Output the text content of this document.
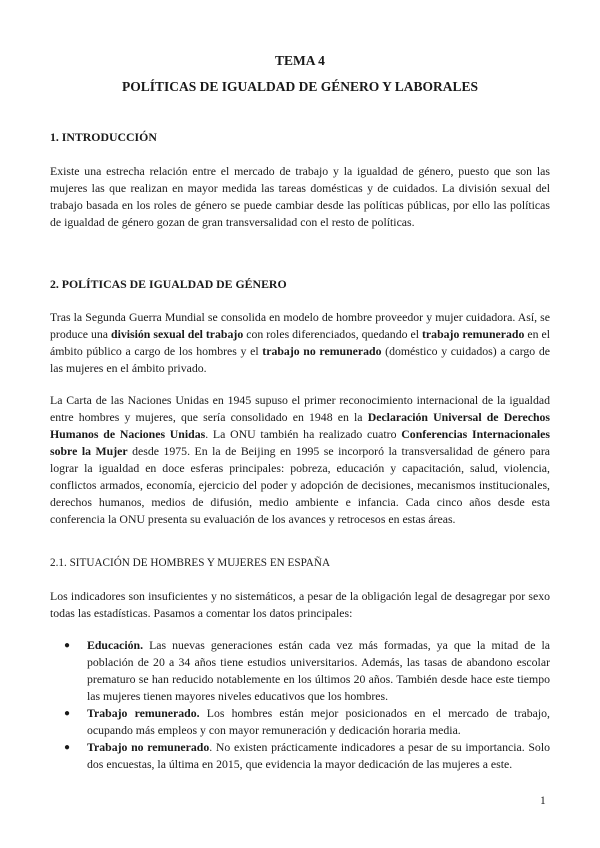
TEMA 4
POLÍTICAS DE IGUALDAD DE GÉNERO Y LABORALES
1. INTRODUCCIÓN

Existe una estrecha relación entre el mercado de trabajo y la igualdad de género, puesto que son las mujeres las que realizan en mayor medida las tareas domésticas y de cuidados. La división sexual del trabajo basada en los roles de género se puede cambiar desde las políticas públicas, por ello las políticas de igualdad de género gozan de gran transversalidad con el resto de políticas.

2. POLÍTICAS DE IGUALDAD DE GÉNERO

Tras la Segunda Guerra Mundial se consolida en modelo de hombre proveedor y mujer cuidadora. Así, se produce una división sexual del trabajo con roles diferenciados, quedando el trabajo remunerado en el ámbito público a cargo de los hombres y el trabajo no remunerado (doméstico y cuidados) a cargo de las mujeres en el ámbito privado.

La Carta de las Naciones Unidas en 1945 supuso el primer reconocimiento internacional de la igualdad entre hombres y mujeres, que sería consolidado en 1948 en la Declaración Universal de Derechos Humanos de Naciones Unidas. La ONU también ha realizado cuatro Conferencias Internacionales sobre la Mujer desde 1975. En la de Beijing en 1995 se incorporó la transversalidad de género para lograr la igualdad en doce esferas principales: pobreza, educación y capacitación, salud, violencia, conflictos armados, economía, ejercicio del poder y adopción de decisiones, mecanismos institucionales, derechos humanos, medios de difusión, medio ambiente e infancia. Cada cinco años desde esta conferencia la ONU presenta su evaluación de los avances y retrocesos en estas áreas.

2.1. SITUACIÓN DE HOMBRES Y MUJERES EN ESPAÑA

Los indicadores son insuficientes y no sistemáticos, a pesar de la obligación legal de desagregar por sexo todas las estadísticas. Pasamos a comentar los datos principales:

● Educación. Las nuevas generaciones están cada vez más formadas, ya que la mitad de la población de 20 a 34 años tiene estudios universitarios. Además, las tasas de abandono escolar prematuro se han reducido notablemente en los últimos 20 años. También desde hace este tiempo las mujeres tienen mayores niveles educativos que los hombres.
● Trabajo remunerado. Los hombres están mejor posicionados en el mercado de trabajo, ocupando más empleos y con mayor remuneración y dedicación horaria media.
● Trabajo no remunerado. No existen prácticamente indicadores a pesar de su importancia. Solo dos encuestas, la última en 2015, que evidencia la mayor dedicación de las mujeres a este.
1
